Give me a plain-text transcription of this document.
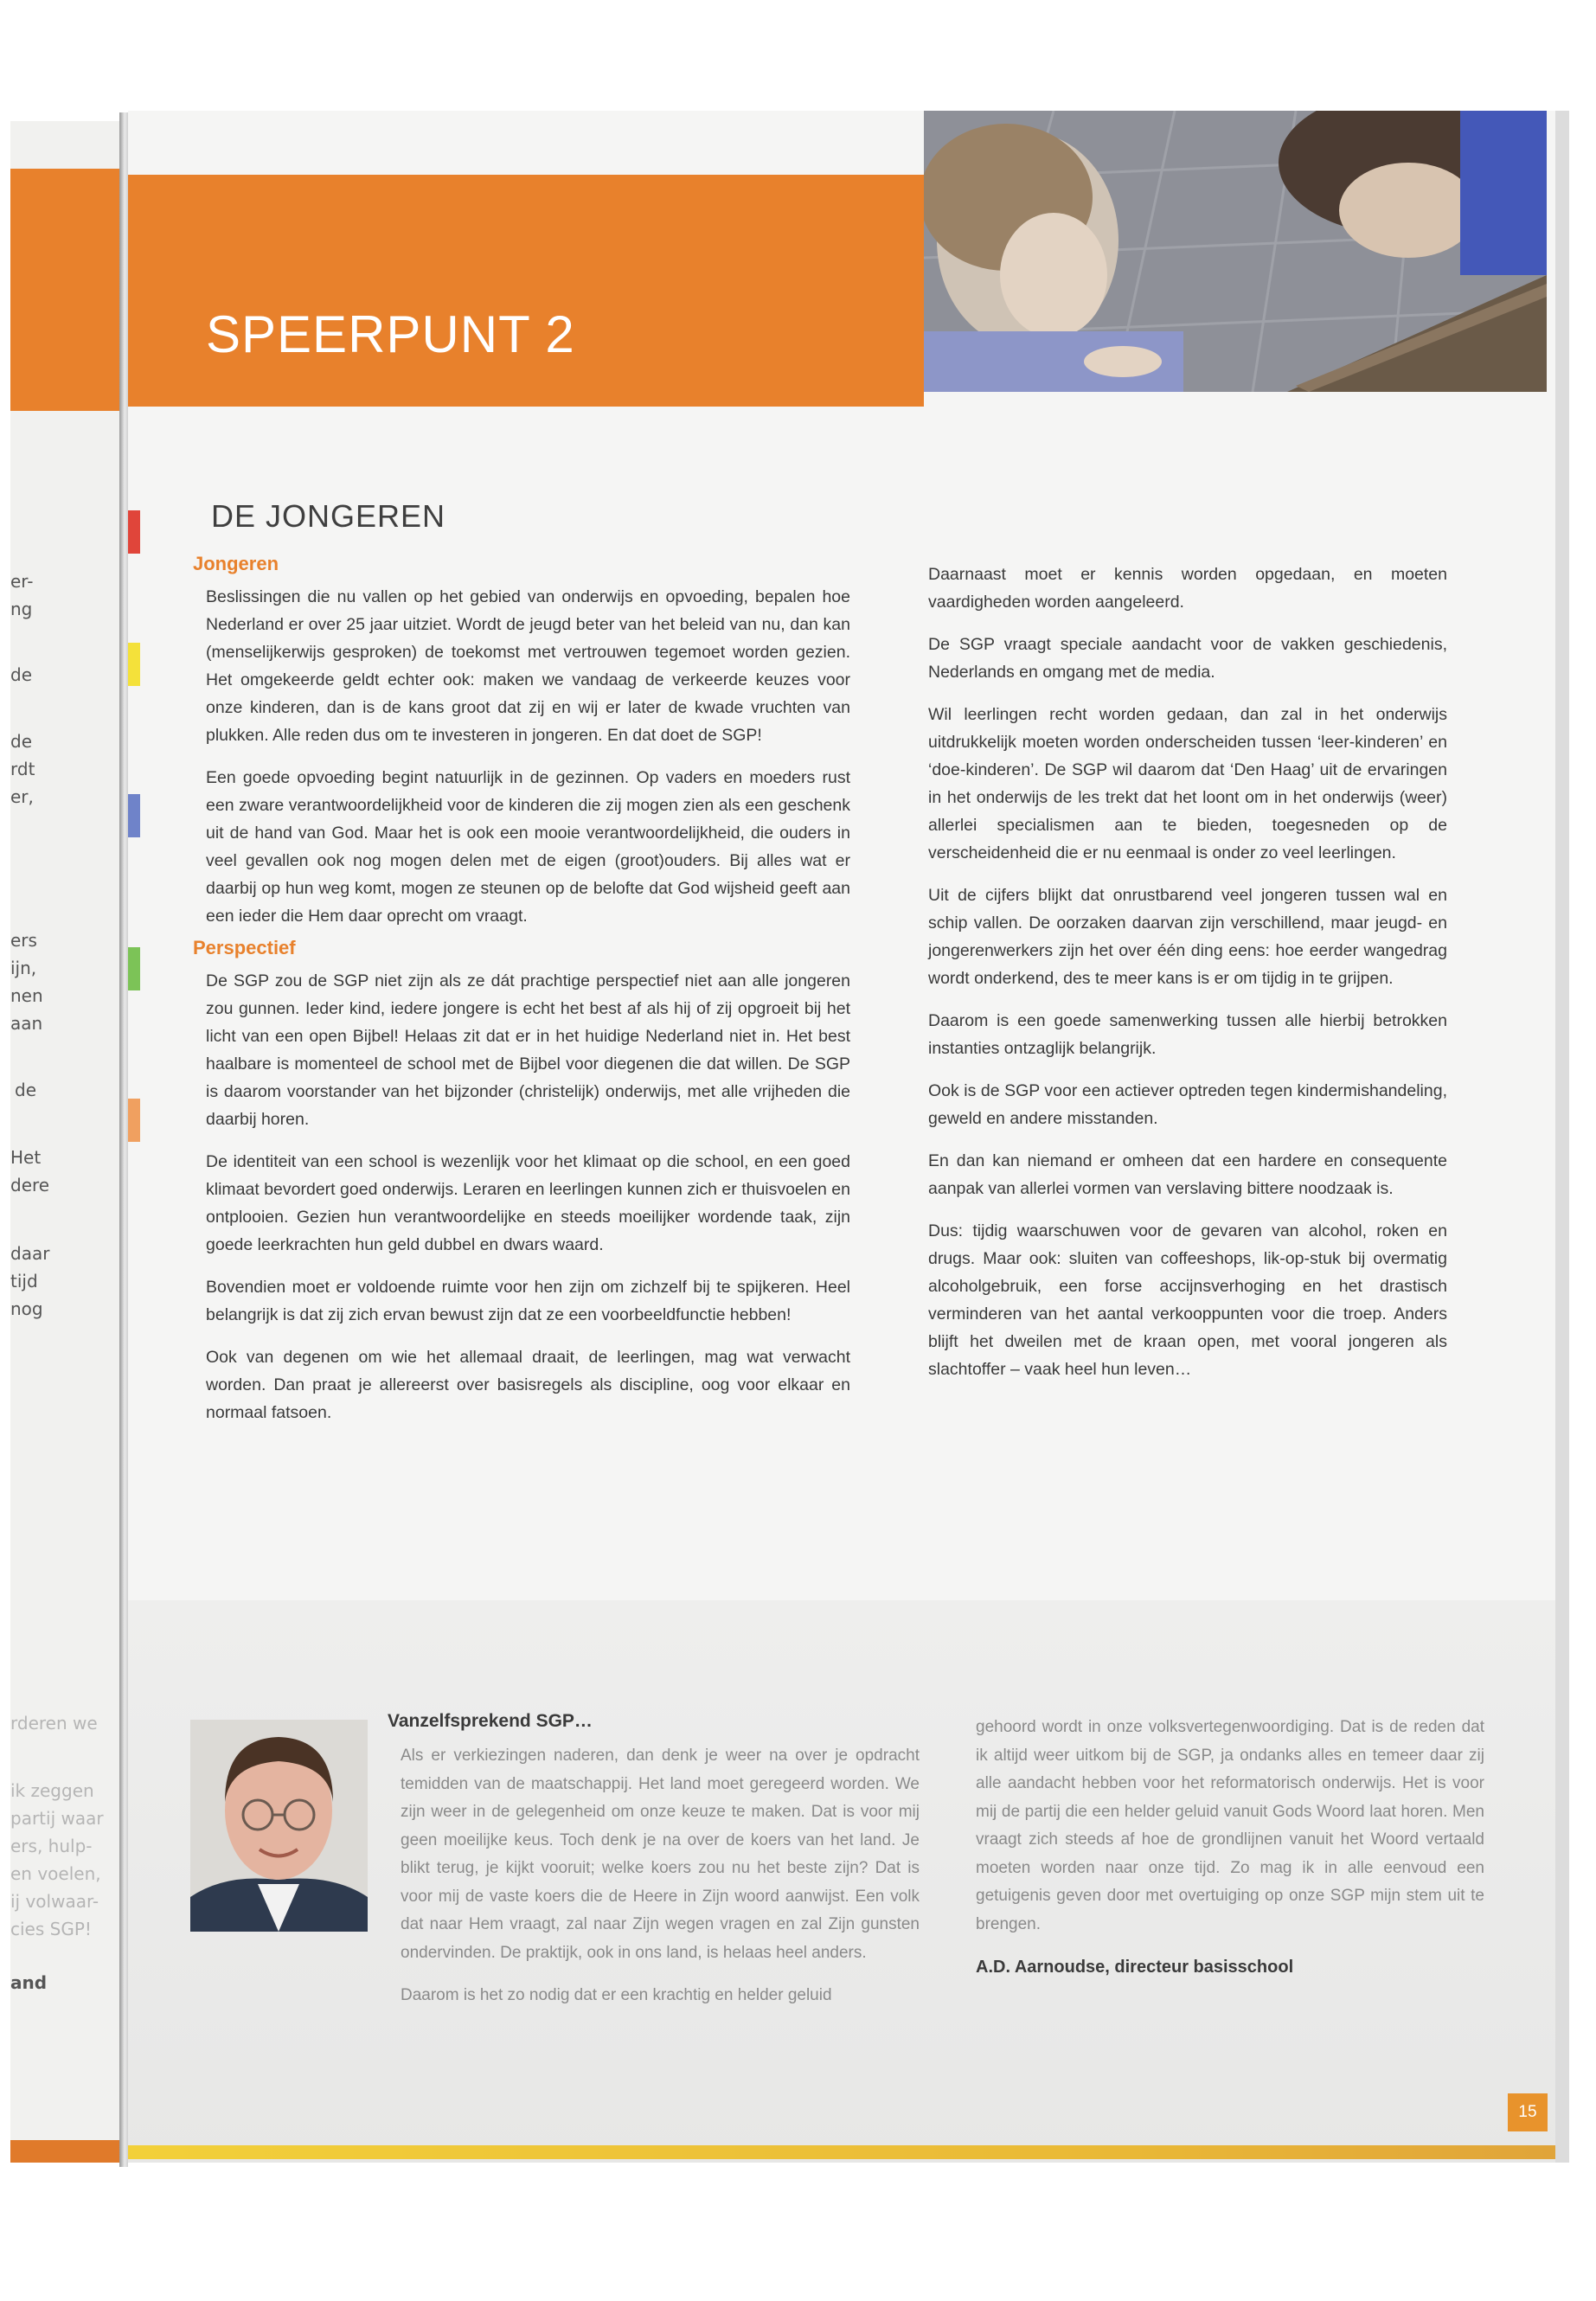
er-
ng
de
de
rdt
er,
ers
ijn,
nen
aan
de
Het
dere
daar
tijd
nog
rderen we
ik zeggen
partij waar
ers, hulp-
en voelen,
ij volwaar-
cies SGP!
and
SPEERPUNT 2
DE JONGEREN
Jongeren

Beslissingen die nu vallen op het gebied van onderwijs en opvoeding, bepalen hoe Nederland er over 25 jaar uitziet. Wordt de jeugd beter van het beleid van nu, dan kan (menselijkerwijs gesproken) de toekomst met vertrouwen tegemoet worden gezien. Het omgekeerde geldt echter ook: maken we vandaag de verkeerde keuzes voor onze kinderen, dan is de kans groot dat zij en wij er later de kwade vruchten van plukken. Alle reden dus om te investeren in jongeren. En dat doet de SGP!

Een goede opvoeding begint natuurlijk in de gezinnen. Op vaders en moeders rust een zware verantwoordelijkheid voor de kinderen die zij mogen zien als een geschenk uit de hand van God. Maar het is ook een mooie verantwoordelijkheid, die ouders in veel gevallen ook nog mogen delen met de eigen (groot)ouders. Bij alles wat er daarbij op hun weg komt, mogen ze steunen op de belofte dat God wijsheid geeft aan een ieder die Hem daar oprecht om vraagt.

Perspectief

De SGP zou de SGP niet zijn als ze dát prachtige perspectief niet aan alle jongeren zou gunnen. Ieder kind, iedere jongere is echt het best af als hij of zij opgroeit bij het licht van een open Bijbel! Helaas zit dat er in het huidige Nederland niet in. Het best haalbare is momenteel de school met de Bijbel voor diegenen die dat willen. De SGP is daarom voorstander van het bijzonder (christelijk) onderwijs, met alle vrijheden die daarbij horen.

De identiteit van een school is wezenlijk voor het klimaat op die school, en een goed klimaat bevordert goed onderwijs. Leraren en leerlingen kunnen zich er thuisvoelen en ontplooien. Gezien hun verantwoordelijke en steeds moeilijker wordende taak, zijn goede leerkrachten hun geld dubbel en dwars waard.

Bovendien moet er voldoende ruimte voor hen zijn om zichzelf bij te spijkeren. Heel belangrijk is dat zij zich ervan bewust zijn dat ze een voorbeeldfunctie hebben!

Ook van degenen om wie het allemaal draait, de leerlingen, mag wat verwacht worden. Dan praat je allereerst over basisregels als discipline, oog voor elkaar en normaal fatsoen.

Daarnaast moet er kennis worden opgedaan, en moeten vaardigheden worden aangeleerd.

De SGP vraagt speciale aandacht voor de vakken geschiedenis, Nederlands en omgang met de media.

Wil leerlingen recht worden gedaan, dan zal in het onderwijs uitdrukkelijk moeten worden onderscheiden tussen ‘leer-kinderen’ en ‘doe-kinderen’. De SGP wil daarom dat ‘Den Haag’ uit de ervaringen in het onderwijs de les trekt dat het loont om in het onderwijs (weer) allerlei specialismen aan te bieden, toegesneden op de verscheidenheid die er nu eenmaal is onder zo veel leerlingen.

Uit de cijfers blijkt dat onrustbarend veel jongeren tussen wal en schip vallen. De oorzaken daarvan zijn verschillend, maar jeugd- en jongerenwerkers zijn het over één ding eens: hoe eerder wangedrag wordt onderkend, des te meer kans is er om tijdig in te grijpen.

Daarom is een goede samenwerking tussen alle hierbij betrokken instanties ontzaglijk belangrijk.

Ook is de SGP voor een actiever optreden tegen kindermishandeling, geweld en andere misstanden.

En dan kan niemand er omheen dat een hardere en consequente aanpak van allerlei vormen van verslaving bittere noodzaak is.

Dus: tijdig waarschuwen voor de gevaren van alcohol, roken en drugs. Maar ook: sluiten van coffeeshops, lik-op-stuk bij overmatig alcoholgebruik, een forse accijnsverhoging en het drastisch verminderen van het aantal verkooppunten voor die troep. Anders blijft het dweilen met de kraan open, met vooral jongeren als slachtoffer – vaak heel hun leven…

Vanzelfsprekend SGP…

Als er verkiezingen naderen, dan denk je weer na over je opdracht temidden van de maatschappij. Het land moet geregeerd worden. We zijn weer in de gelegenheid om onze keuze te maken. Dat is voor mij geen moeilijke keus. Toch denk je na over de koers van het land. Je blikt terug, je kijkt vooruit; welke koers zou nu het beste zijn? Dat is voor mij de vaste koers die de Heere in Zijn woord aanwijst. Een volk dat naar Hem vraagt, zal naar Zijn wegen vragen en zal Zijn gunsten ondervinden. De praktijk, ook in ons land, is helaas heel anders.

Daarom is het zo nodig dat er een krachtig en helder geluid

gehoord wordt in onze volksvertegenwoordiging. Dat is de reden dat ik altijd weer uitkom bij de SGP, ja ondanks alles en temeer daar zij alle aandacht hebben voor het reformatorisch onderwijs. Het is voor mij de partij die een helder geluid vanuit Gods Woord laat horen. Men vraagt zich steeds af hoe de grondlijnen vanuit het Woord vertaald moeten worden naar onze tijd. Zo mag ik in alle eenvoud een getuigenis geven door met overtuiging op onze SGP mijn stem uit te brengen.

A.D. Aarnoudse, directeur basisschool

15
